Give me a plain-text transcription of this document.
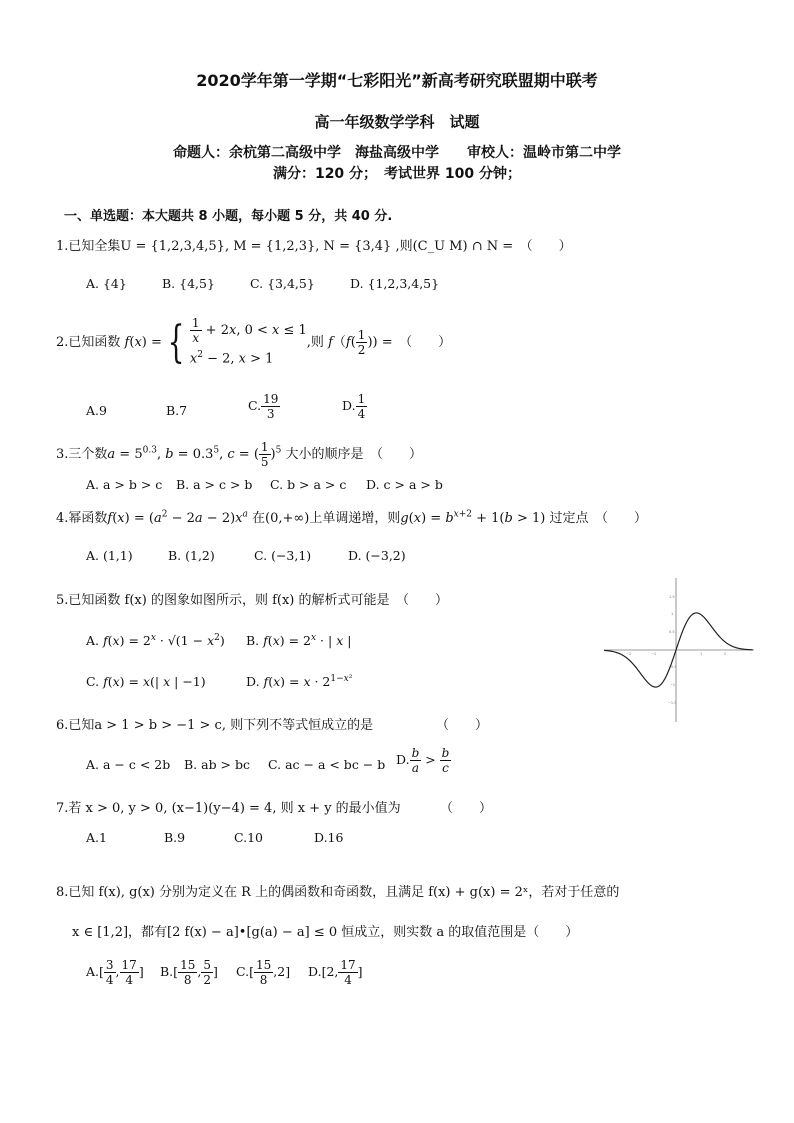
2020学年第一学期“七彩阳光”新高考研究联盟期中联考
高一年级数学学科　试题
命题人：余杭第二高级中学　海盐高级中学　　审校人：温岭市第二中学
满分：120 分；　考试世界 100 分钟；
一、单选题：本大题共 8 小题，每小题 5 分，共 40 分.
1.已知全集U = {1,2,3,4,5}, M = {1,2,3}, N = {3,4} ,则(C_U M) ∩ N =　（　　）
A. {4}	B. {4,5}	C. {3,4,5}	D. {1,2,3,4,5}
2.已知函数 f(x) = { $\frac{1}{x} + 2x$, 0 < x ≤ 1
$x^2 - 2$, x > 1,则 $f(f( \frac{1}{2}$ )) =　（　　）
A.9	B.7	C. $\frac{19}{3}$	D. $\frac{1}{4}$
3.三个数$a = 5^{0.3}$, $b = 0.3^5$, c = ( $\frac{1}{5} )^5$ 大小的顺序是　 （　　）
A. a > b > c B. a > c > b C. b > a > c D. c > a > b
4.幂函数$f(x) = (a^2 - 2a - 2)x^a$ 在(0,+∞)上单调递增，则$g(x) = b^{x+2} + 1(b > 1)$ 过定点　 （　　）
A. (1,1)	B. (1,2)	C. (−3,1)	D. (−3,2)
5.已知函数 f(x) 的图象如图所示，则 f(x) 的解析式可能是　（　　）
A. $f(x) = 2^x \cdot √(1 - x^2)$ B. $f(x) = 2^x$ · | x |
C. f(x) = x(| x | −1)	D. $f(x) = x \cdot 2^{1-x^2}$
1.5
1
0.5
−0.5
−1
−1.5
−2	−1	1	2
6.已知a > 1 > b > −1 > c, 则下列不等式恒成立的是	（　　）
A. a − c < 2b B. ab > bc C. ac − a < bc − b D. $\frac{b}{a} > \frac{b}{c}$
7.若 x > 0, y > 0, (x−1)(y−4) = 4, 则 x + y 的最小值为	（　　）
A.1	B.9	C.10	D.16
8.已知 f(x), g(x) 分别为定义在 R 上的偶函数和奇函数，且满足 f(x) + g(x) = 2ˣ，若对于任意的
x ∈ [1,2]，都有[2 f(x) − a]•[g(a) − a] ≤ 0 恒成立，则实数 a 的取值范围是（　　）
$A.[ \frac{3}{4}$ , $\frac{17}{4}$ ] $B.[ \frac{15}{8}$ , $\frac{5}{2}$ ] $C.[ \frac{15}{8} ,2]$ D.[2, $\frac{17}{4}$ ]
